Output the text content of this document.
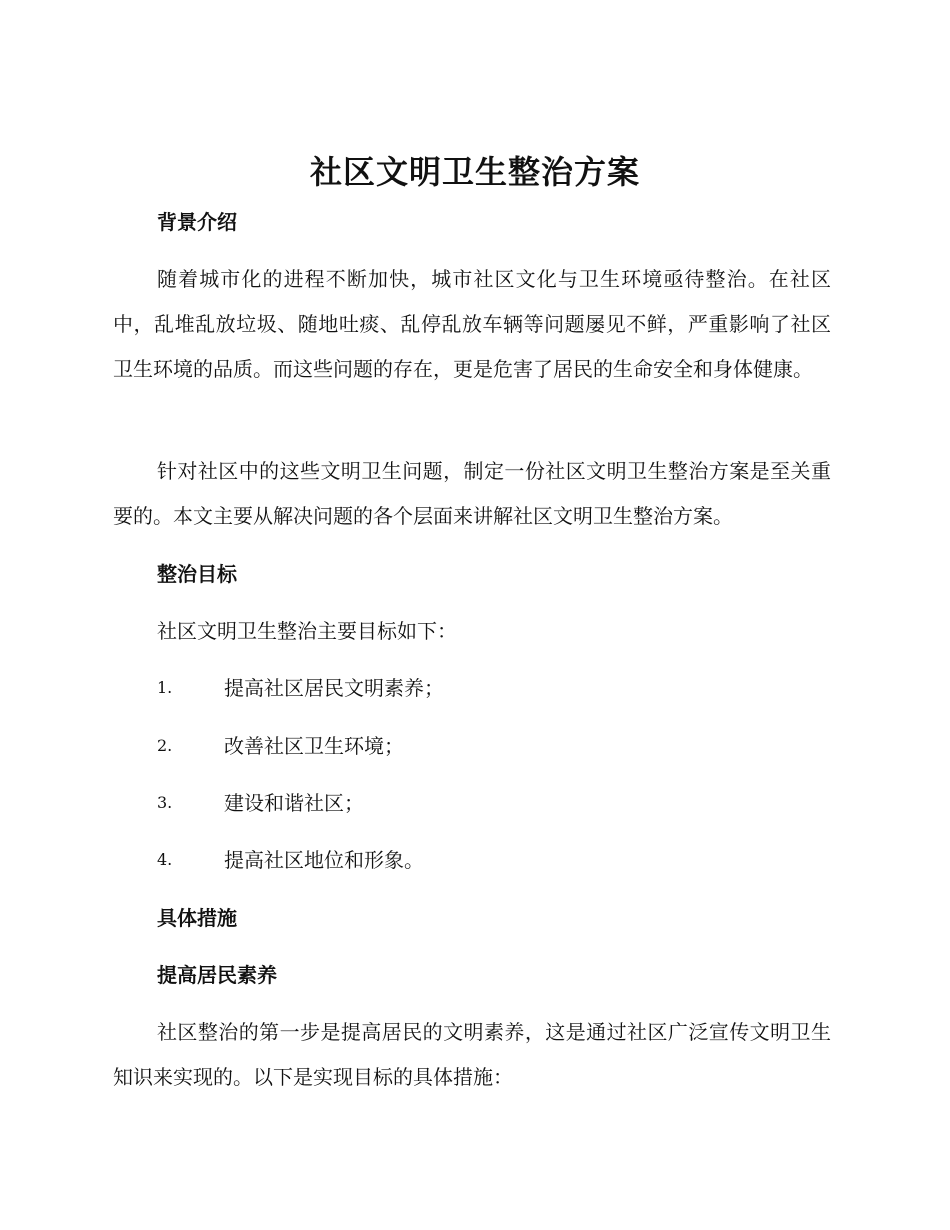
社区文明卫生整治方案
背景介绍

随着城市化的进程不断加快，城市社区文化与卫生环境亟待整治。在社区中，乱堆乱放垃圾、随地吐痰、乱停乱放车辆等问题屡见不鲜，严重影响了社区卫生环境的品质。而这些问题的存在，更是危害了居民的生命安全和身体健康。

针对社区中的这些文明卫生问题，制定一份社区文明卫生整治方案是至关重要的。本文主要从解决问题的各个层面来讲解社区文明卫生整治方案。

整治目标
社区文明卫生整治主要目标如下：
1.	提高社区居民文明素养；
2.	改善社区卫生环境；
3.	建设和谐社区；
4.	提高社区地位和形象。
具体措施
提高居民素养

社区整治的第一步是提高居民的文明素养，这是通过社区广泛宣传文明卫生知识来实现的。以下是实现目标的具体措施：
